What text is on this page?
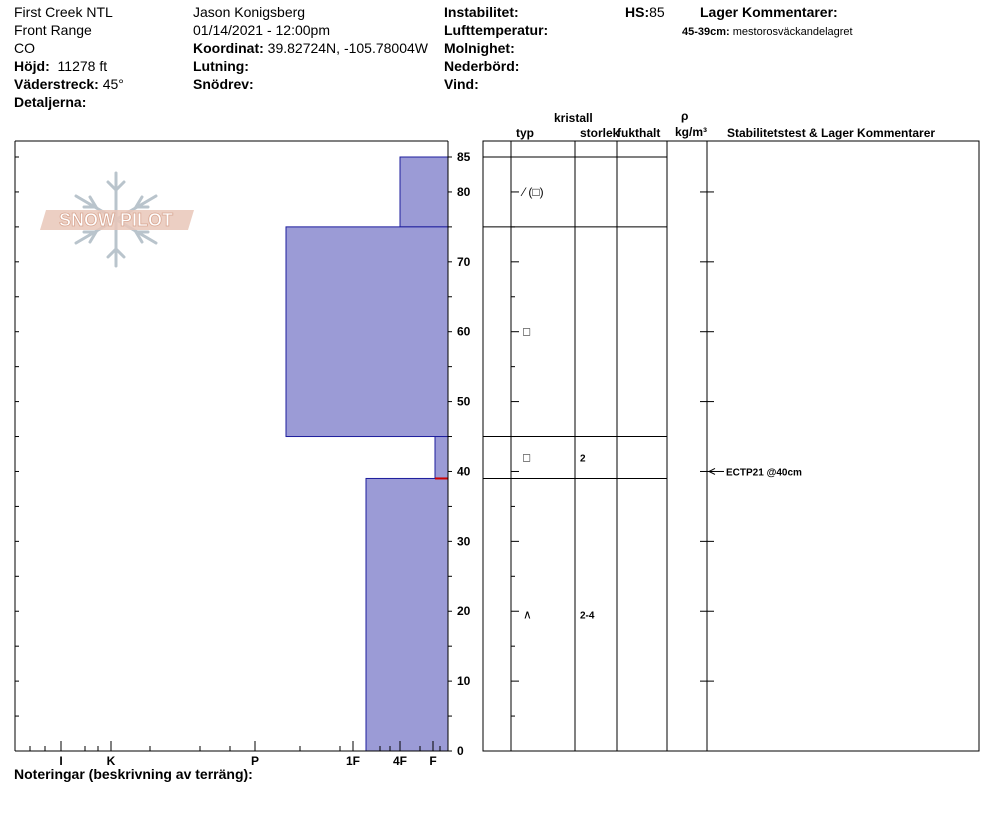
First Creek NTL
Front Range
CO
Höjd: 11278 ft
Väderstreck: 45°
Detaljerna:
Jason Konigsberg
01/14/2021 - 12:00pm
Koordinat: 39.82724N, -105.78004W
Lutning:
Snödrev:
Instabilitet:
Lufttemperatur:
Molnighet:
Nederbörd:
Vind:
HS:85	Lager Kommentarer:
45-39cm: mestorosväckandelagret
typ
kristall
storlek
fukthalt
ρ
kg/m³ Stabilitetstest & Lager Kommentarer
Noteringar (beskrivning av terräng):
SNOW PILOT
0
10
20
30
40
50
60
70
80
85
I	K	P	1F	4F F
⁄ (□)
□
□	2
∧	2-4
ECTP21 @40cm
